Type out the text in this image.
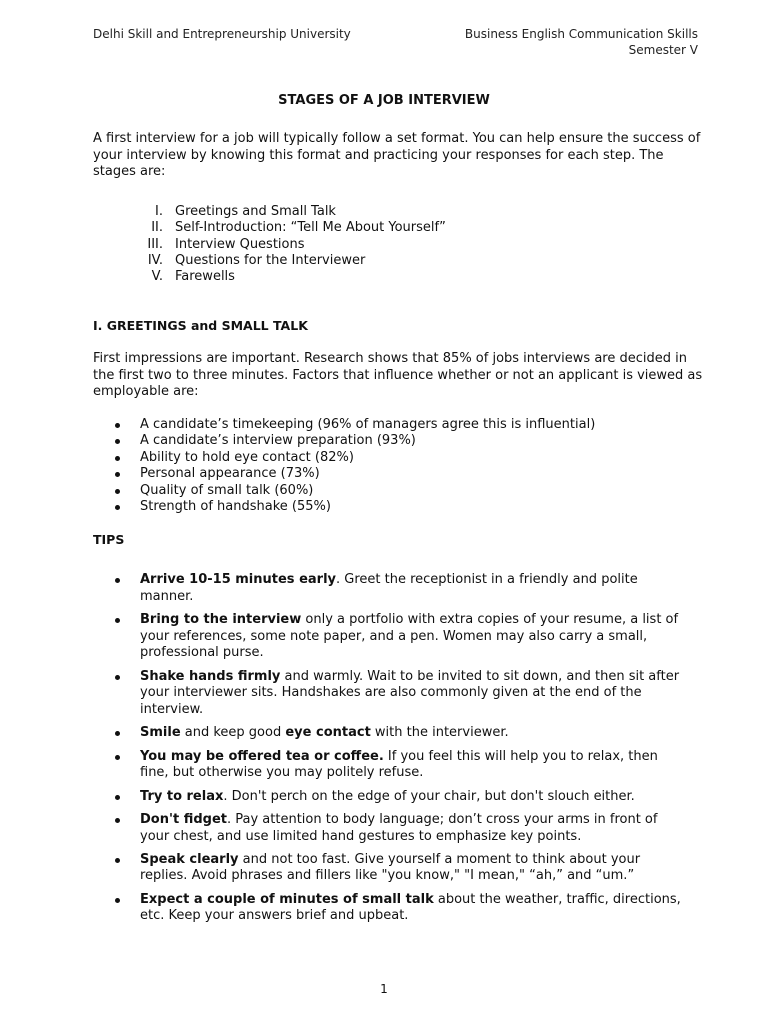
Delhi Skill and Entrepreneurship University	Business English Communication Skills
Semester V
STAGES OF A JOB INTERVIEW

A first interview for a job will typically follow a set format. You can help ensure the success of your interview by knowing this format and practicing your responses for each step. The stages are:

I. Greetings and Small Talk
II. Self-Introduction: “Tell Me About Yourself”
III. Interview Questions
IV. Questions for the Interviewer
V. Farewells
I. GREETINGS and SMALL TALK

First impressions are important. Research shows that 85% of jobs interviews are decided in the first two to three minutes. Factors that influence whether or not an applicant is viewed as employable are:

A candidate’s timekeeping (96% of managers agree this is influential)
A candidate’s interview preparation (93%)
Ability to hold eye contact (82%)
Personal appearance (73%)
Quality of small talk (60%)
Strength of handshake (55%)
TIPS
Arrive 10-15 minutes early. Greet the receptionist in a friendly and polite manner.
Bring to the interview only a portfolio with extra copies of your resume, a list of your references, some note paper, and a pen. Women may also carry a small, professional purse.
Shake hands firmly and warmly. Wait to be invited to sit down, and then sit after your interviewer sits. Handshakes are also commonly given at the end of the interview.
Smile and keep good eye contact with the interviewer.
You may be offered tea or coffee. If you feel this will help you to relax, then fine, but otherwise you may politely refuse.
Try to relax. Don't perch on the edge of your chair, but don't slouch either.
Don't fidget. Pay attention to body language; don’t cross your arms in front of your chest, and use limited hand gestures to emphasize key points.
Speak clearly and not too fast. Give yourself a moment to think about your replies. Avoid phrases and fillers like "you know," "I mean," “ah,” and “um.”
Expect a couple of minutes of small talk about the weather, traffic, directions, etc. Keep your answers brief and upbeat.
1
